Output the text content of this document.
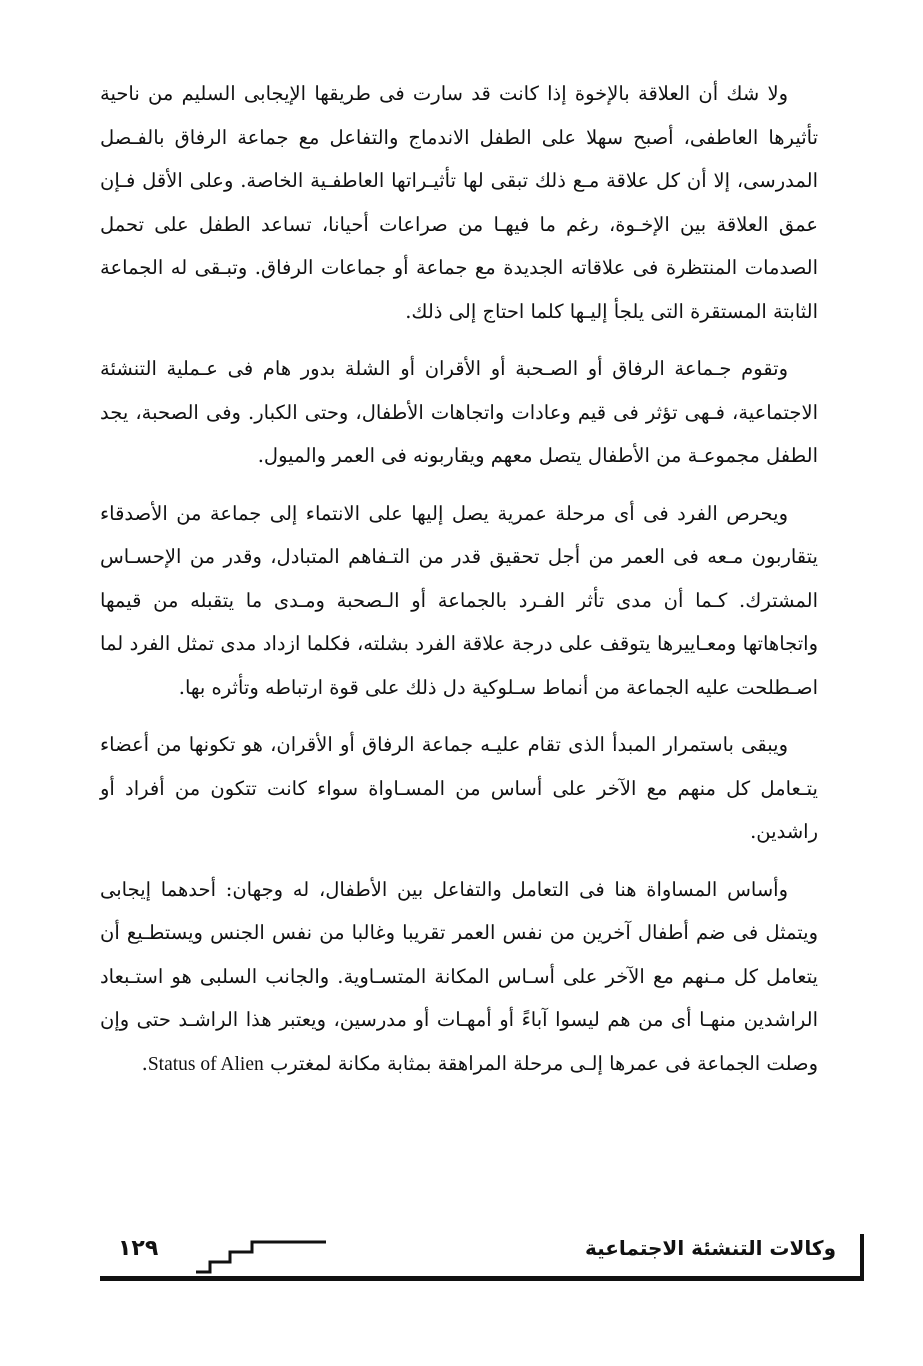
ولا شك أن العلاقة بالإخوة إذا كانت قد سارت فى طريقها الإيجابى السليم من ناحية تأثيرها العاطفى، أصبح سهلا على الطفل الاندماج والتفاعل مع جماعة الرفاق بالفـصل المدرسى، إلا أن كل علاقة مـع ذلك تبقى لها تأثيـراتها العاطفـية الخاصة. وعلى الأقل فـإن عمق العلاقة بين الإخـوة، رغم ما فيهـا من صراعات أحيانا، تساعد الطفل على تحمل الصدمات المنتظرة فى علاقاته الجديدة مع جماعة أو جماعات الرفاق. وتبـقى له الجماعة الثابتة المستقرة التى يلجأ إليـها كلما احتاج إلى ذلك.

وتقوم جـماعة الرفاق أو الصـحبة أو الأقران أو الشلة بدور هام فى عـملية التنشئة الاجتماعية، فـهى تؤثر فى قيم وعادات واتجاهات الأطفال، وحتى الكبار. وفى الصحبة، يجد الطفل مجموعـة من الأطفال يتصل معهم ويقاربونه فى العمر والميول.

ويحرص الفرد فى أى مرحلة عمرية يصل إليها على الانتماء إلى جماعة من الأصدقاء يتقاربون مـعه فى العمر من أجل تحقيق قدر من التـفاهم المتبادل، وقدر من الإحسـاس المشترك. كـما أن مدى تأثر الفـرد بالجماعة أو الـصحبة ومـدى ما يتقبله من قيمها واتجاهاتها ومعـاييرها يتوقف على درجة علاقة الفرد بشلته، فكلما ازداد مدى تمثل الفرد لما اصـطلحت عليه الجماعة من أنماط سـلوكية دل ذلك على قوة ارتباطه وتأثره بها.

ويبقى باستمرار المبدأ الذى تقام عليـه جماعة الرفاق أو الأقران، هو تكونها من أعضاء يتـعامل كل منهم مع الآخر على أساس من المسـاواة سواء كانت تتكون من أفراد أو راشدين.

وأساس المساواة هنا فى التعامل والتفاعل بين الأطفال، له وجهان: أحدهما إيجابى ويتمثل فى ضم أطفال آخرين من نفس العمر تقريبا وغالبا من نفس الجنس ويستطـيع أن يتعامل كل مـنهم مع الآخر على أسـاس المكانة المتسـاوية. والجانب السلبى هو استـبعاد الراشدين منهـا أى من هم ليسوا آباءً أو أمهـات أو مدرسين، ويعتبر هذا الراشـد حتى وإن وصلت الجماعة فى عمرها إلـى مرحلة المراهقة بمثابة مكانة لمغترب Status of Alien.

وكالات التنشئة الاجتماعية
١٢٩
